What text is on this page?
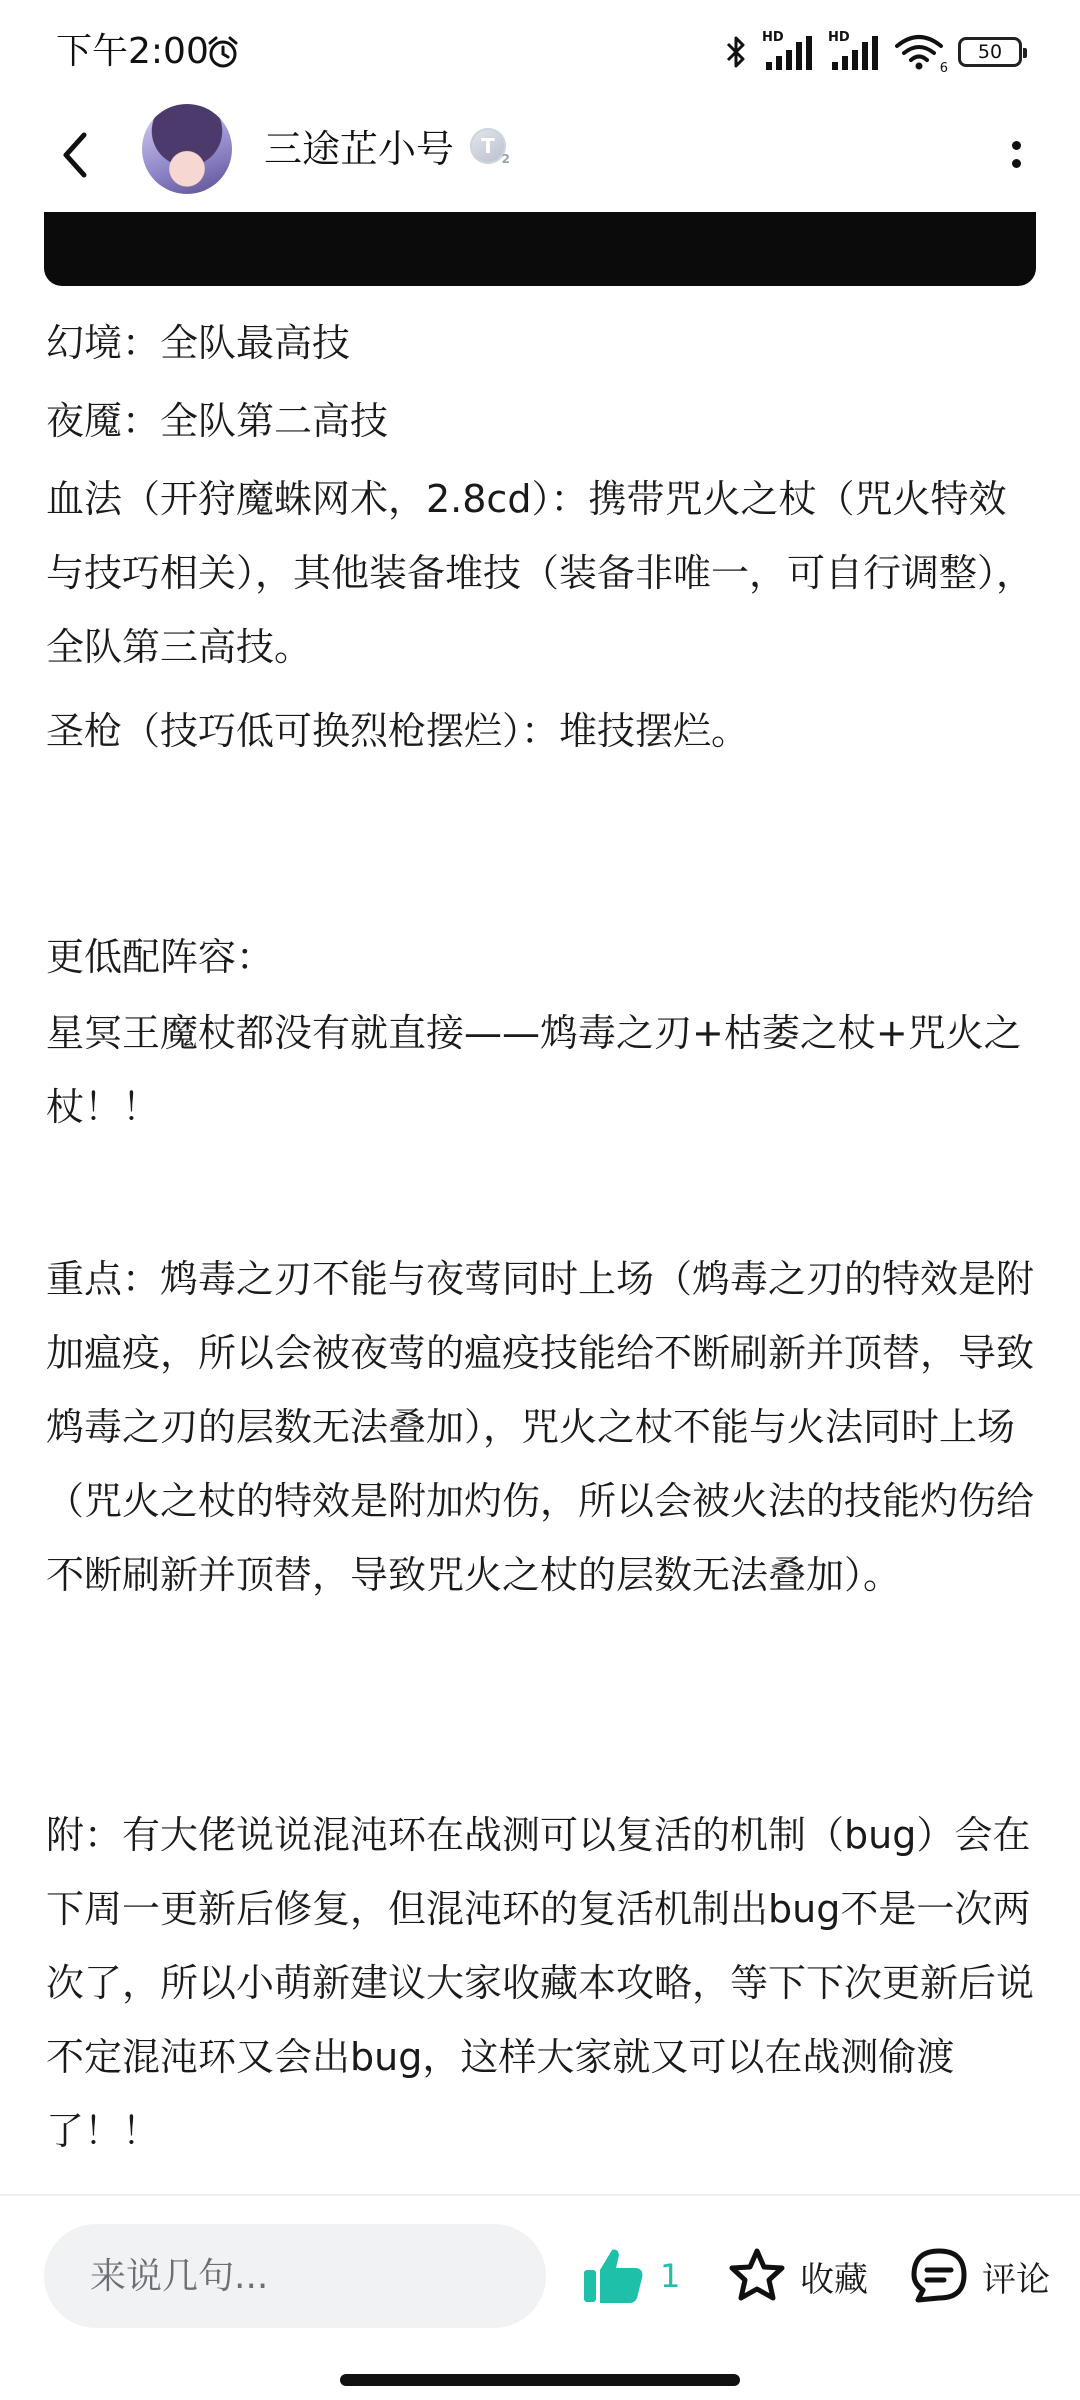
下午2:00	HD	HD
6
50
三途芷小号 T
2

幻境：全队最高技

夜魇：全队第二高技

血法（开狩魔蛛网术，2.8cd）：携带咒火之杖（咒火特效与技巧相关），其他装备堆技（装备非唯一，可自行调整），全队第三高技。

圣枪（技巧低可换烈枪摆烂）：堆技摆烂。

更低配阵容：

星冥王魔杖都没有就直接——鸩毒之刃+枯萎之杖+咒火之杖！！

重点：鸩毒之刃不能与夜莺同时上场（鸩毒之刃的特效是附加瘟疫，所以会被夜莺的瘟疫技能给不断刷新并顶替，导致鸩毒之刃的层数无法叠加），咒火之杖不能与火法同时上场（咒火之杖的特效是附加灼伤，所以会被火法的技能灼伤给不断刷新并顶替，导致咒火之杖的层数无法叠加）。

附：有大佬说说混沌环在战测可以复活的机制（bug）会在下周一更新后修复，但混沌环的复活机制出bug不是一次两次了，所以小萌新建议大家收藏本攻略，等下下次更新后说不定混沌环又会出bug，这样大家就又可以在战测偷渡了！！

来说几句...
1	收藏	评论
